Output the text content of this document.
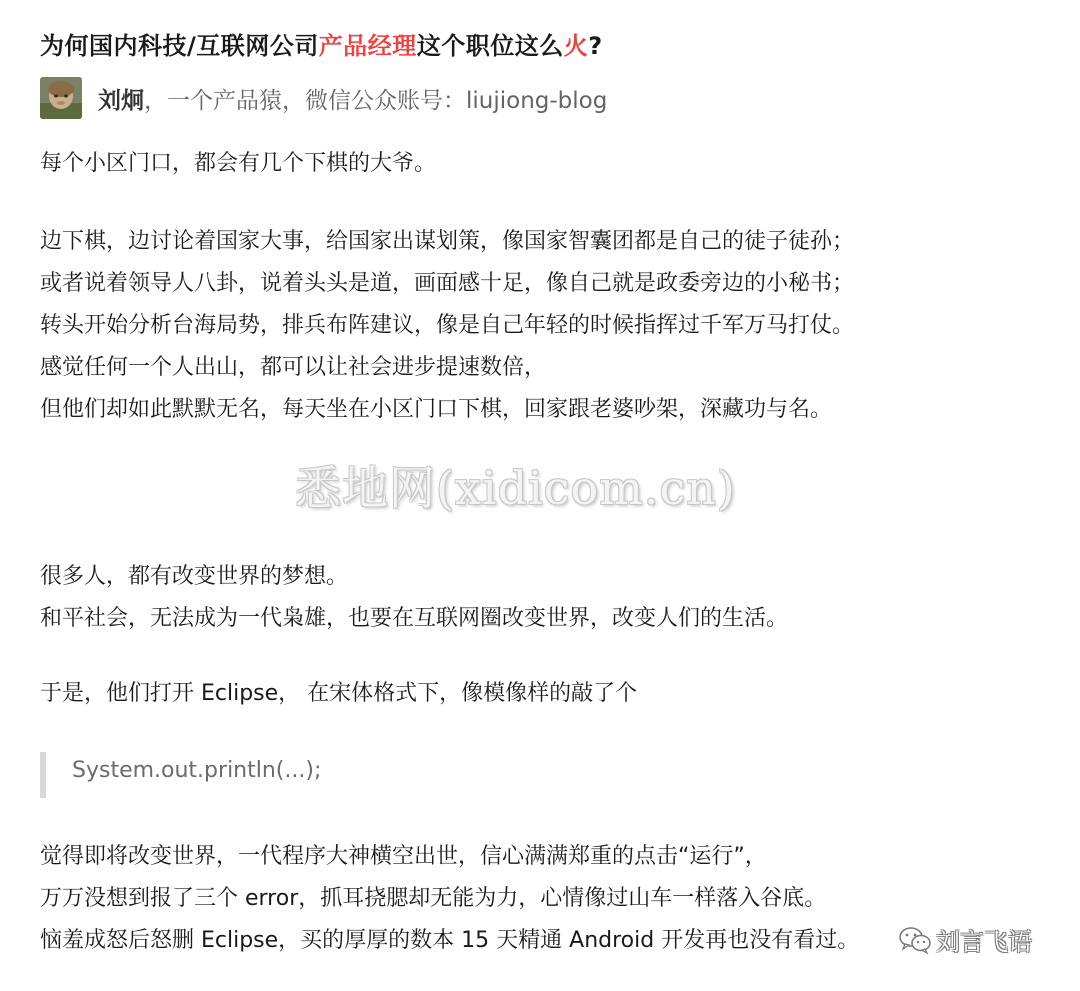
为何国内科技/互联网公司产品经理这个职位这么火?
刘炯 ，一个产品猿，微信公众账号：liujiong-blog

每个小区门口，都会有几个下棋的大爷。

边下棋，边讨论着国家大事，给国家出谋划策，像国家智囊团都是自己的徒子徒孙；
或者说着领导人八卦，说着头头是道，画面感十足，像自己就是政委旁边的小秘书；
转头开始分析台海局势，排兵布阵建议，像是自己年轻的时候指挥过千军万马打仗。
感觉任何一个人出山，都可以让社会进步提速数倍，
但他们却如此默默无名，每天坐在小区门口下棋，回家跟老婆吵架，深藏功与名。

悉地网(xidicom.cn)

很多人，都有改变世界的梦想。
和平社会，无法成为一代枭雄，也要在互联网圈改变世界，改变人们的生活。

于是，他们打开 Eclipse， 在宋体格式下，像模像样的敲了个

System.out.println(...);

觉得即将改变世界，一代程序大神横空出世，信心满满郑重的点击“运行”，
万万没想到报了三个 error，抓耳挠腮却无能为力，心情像过山车一样落入谷底。
恼羞成怒后怒删 Eclipse，买的厚厚的数本 15 天精通 Android 开发再也没有看过。	刘言飞语
